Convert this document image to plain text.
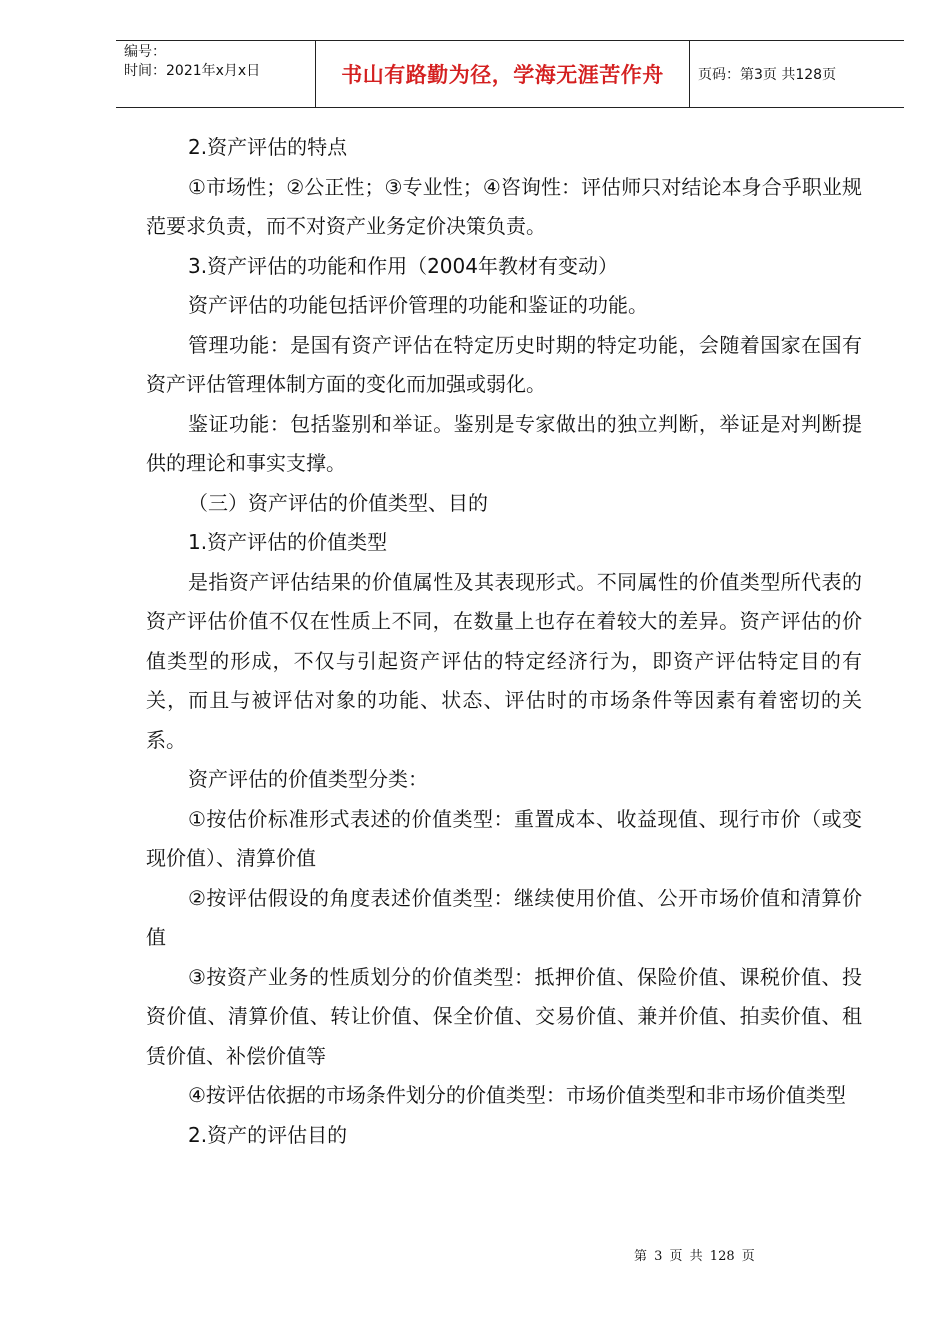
编号：
时间：2021年x月x日	书山有路勤为径，学海无涯苦作舟	页码：第3页 共128页

2.资产评估的特点

①市场性；②公正性；③专业性；④咨询性：评估师只对结论本身合乎职业规范要求负责，而不对资产业务定价决策负责。

3.资产评估的功能和作用（2004年教材有变动）

资产评估的功能包括评价管理的功能和鉴证的功能。

管理功能：是国有资产评估在特定历史时期的特定功能，会随着国家在国有资产评估管理体制方面的变化而加强或弱化。

鉴证功能：包括鉴别和举证。鉴别是专家做出的独立判断，举证是对判断提供的理论和事实支撑。

（三）资产评估的价值类型、目的

1.资产评估的价值类型

是指资产评估结果的价值属性及其表现形式。不同属性的价值类型所代表的资产评估价值不仅在性质上不同，在数量上也存在着较大的差异。资产评估的价值类型的形成，不仅与引起资产评估的特定经济行为，即资产评估特定目的有关，而且与被评估对象的功能、状态、评估时的市场条件等因素有着密切的关系。

资产评估的价值类型分类：

①按估价标准形式表述的价值类型：重置成本、收益现值、现行市价（或变现价值）、清算价值

②按评估假设的角度表述价值类型：继续使用价值、公开市场价值和清算价值

③按资产业务的性质划分的价值类型：抵押价值、保险价值、课税价值、投资价值、清算价值、转让价值、保全价值、交易价值、兼并价值、拍卖价值、租赁价值、补偿价值等

④按评估依据的市场条件划分的价值类型：市场价值类型和非市场价值类型

2.资产的评估目的

第 3 页 共 128 页
